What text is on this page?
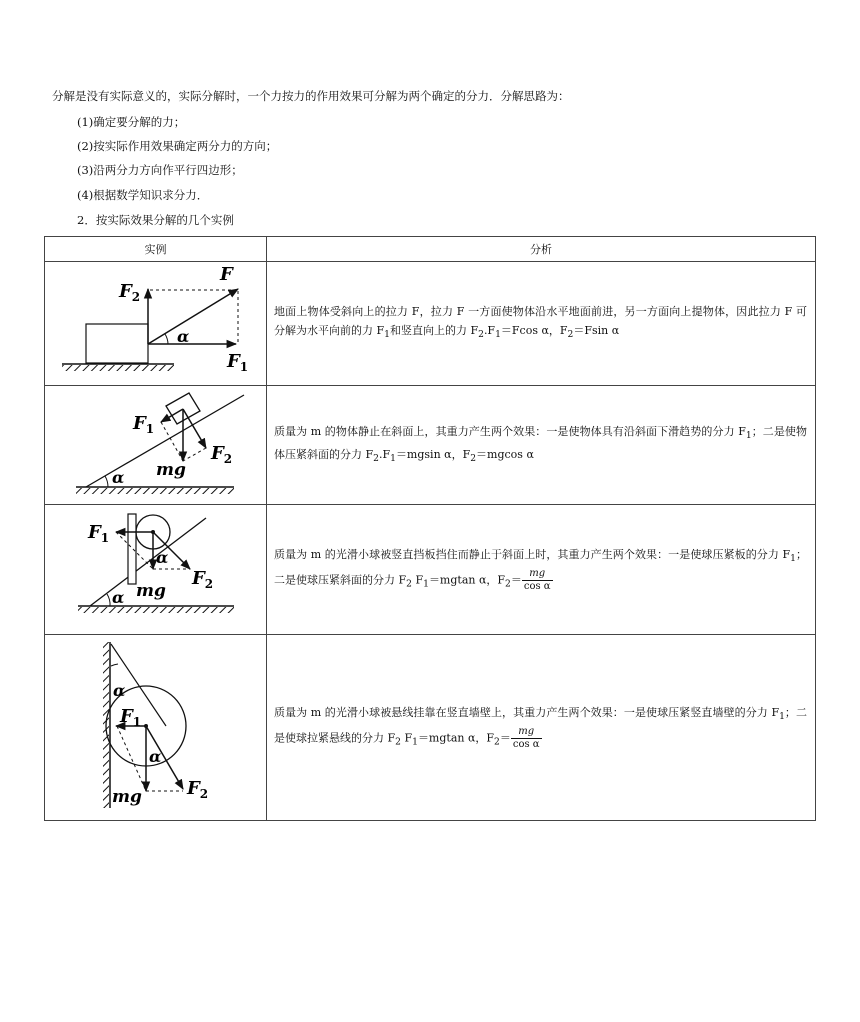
分解是没有实际意义的，实际分解时，一个力按力的作用效果可分解为两个确定的分力．分解思路为：
(1)确定要分解的力；
(2)按实际作用效果确定两分力的方向；
(3)沿两分力方向作平行四边形；
(4)根据数学知识求分力．
2．按实际效果分解的几个实例
实例	分析

α
F
$F_2$
$F_1$	地面上物体受斜向上的拉力 F，拉力 F 一方面使物体沿水平地面前进，另一方面向上提物体，因此拉力 F 可分解为水平向前的力 $F_1$和竖直向上的力 $F_2.F_1=Fcos$ α，$F_2=Fsin$ α

α mg
$F_1$
$F_2$	质量为 m 的物体静止在斜面上，其重力产生两个效果：一是使物体具有沿斜面下滑趋势的分力 $F_1$；二是使物体压紧斜面的分力 $F_2.F_1=mgsin$ α，$F_2=mgcos$ α

α
α
mg
$F_1$
$F_2$	质量为 m 的光滑小球被竖直挡板挡住而静止于斜面上时，其重力产生两个效果：一是使球压紧板的分力 $F_1$；二是使球压紧斜面的分力 $F_2$ $F_1=mgtan$ α，$F_2= \frac{mg}{\text{cos α}}$

α
α
mg
$F_1$
$F_2$	质量为 m 的光滑小球被悬线挂靠在竖直墙壁上，其重力产生两个效果：一是使球压紧竖直墙壁的分力 $F_1$；二是使球拉紧悬线的分力 $F_2$ $F_1=mgtan$ α，$F_2= \frac{mg}{\text{cos α}}$
